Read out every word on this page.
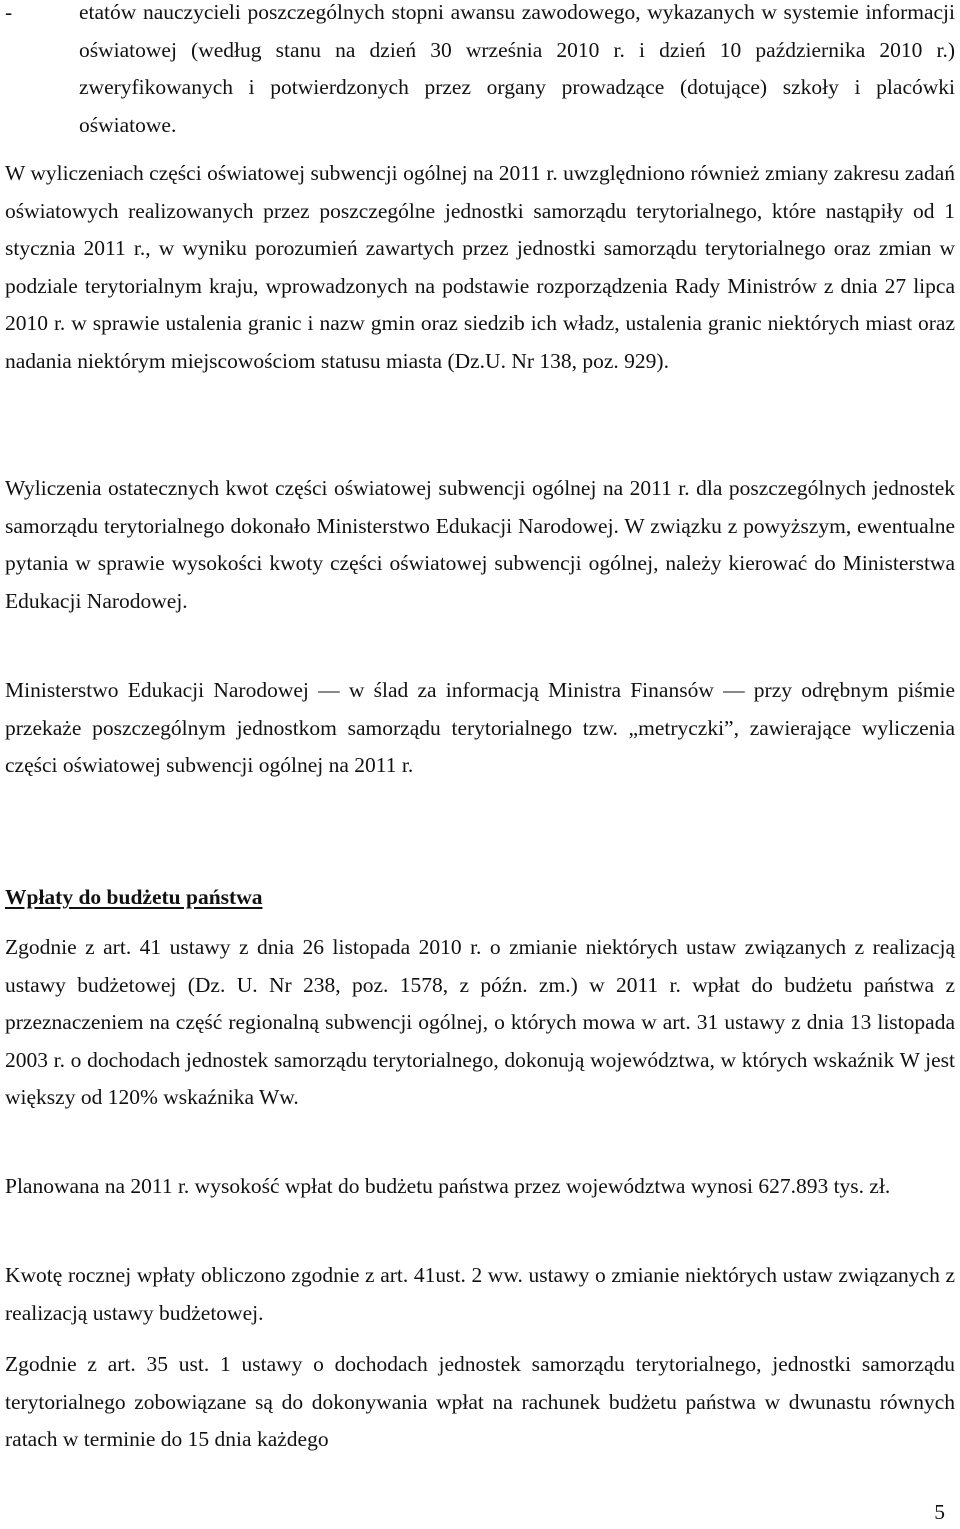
-	etatów nauczycieli poszczególnych stopni awansu zawodowego, wykazanych w systemie informacji oświatowej (według stanu na dzień 30 września 2010 r. i dzień 10 października 2010 r.) zweryfikowanych i potwierdzonych przez organy prowadzące (dotujące) szkoły i placówki oświatowe.

W wyliczeniach części oświatowej subwencji ogólnej na 2011 r. uwzględniono również zmiany zakresu zadań oświatowych realizowanych przez poszczególne jednostki samorządu terytorialnego, które nastąpiły od 1 stycznia 2011 r., w wyniku porozumień zawartych przez jednostki samorządu terytorialnego oraz zmian w podziale terytorialnym kraju, wprowadzonych na podstawie rozporządzenia Rady Ministrów z dnia 27 lipca 2010 r. w sprawie ustalenia granic i nazw gmin oraz siedzib ich władz, ustalenia granic niektórych miast oraz nadania niektórym miejscowościom statusu miasta (Dz.U. Nr 138, poz. 929).

Wyliczenia ostatecznych kwot części oświatowej subwencji ogólnej na 2011 r. dla poszczególnych jednostek samorządu terytorialnego dokonało Ministerstwo Edukacji Narodowej. W związku z powyższym, ewentualne pytania w sprawie wysokości kwoty części oświatowej subwencji ogólnej, należy kierować do Ministerstwa Edukacji Narodowej.

Ministerstwo Edukacji Narodowej — w ślad za informacją Ministra Finansów — przy odrębnym piśmie przekaże poszczególnym jednostkom samorządu terytorialnego tzw. „metryczki”, zawierające wyliczenia części oświatowej subwencji ogólnej na 2011 r.

Wpłaty do budżetu państwa

Zgodnie z art. 41 ustawy z dnia 26 listopada 2010 r. o zmianie niektórych ustaw związanych z realizacją ustawy budżetowej (Dz. U. Nr 238, poz. 1578, z późn. zm.) w 2011 r. wpłat do budżetu państwa z przeznaczeniem na część regionalną subwencji ogólnej, o których mowa w art. 31 ustawy z dnia 13 listopada 2003 r. o dochodach jednostek samorządu terytorialnego, dokonują województwa, w których wskaźnik W jest większy od 120% wskaźnika Ww.

Planowana na 2011 r. wysokość wpłat do budżetu państwa przez województwa wynosi 627.893 tys. zł.

Kwotę rocznej wpłaty obliczono zgodnie z art. 41ust. 2 ww. ustawy o zmianie niektórych ustaw związanych z realizacją ustawy budżetowej.

Zgodnie z art. 35 ust. 1 ustawy o dochodach jednostek samorządu terytorialnego, jednostki samorządu terytorialnego zobowiązane są do dokonywania wpłat na rachunek budżetu państwa w dwunastu równych ratach w terminie do 15 dnia każdego

5
